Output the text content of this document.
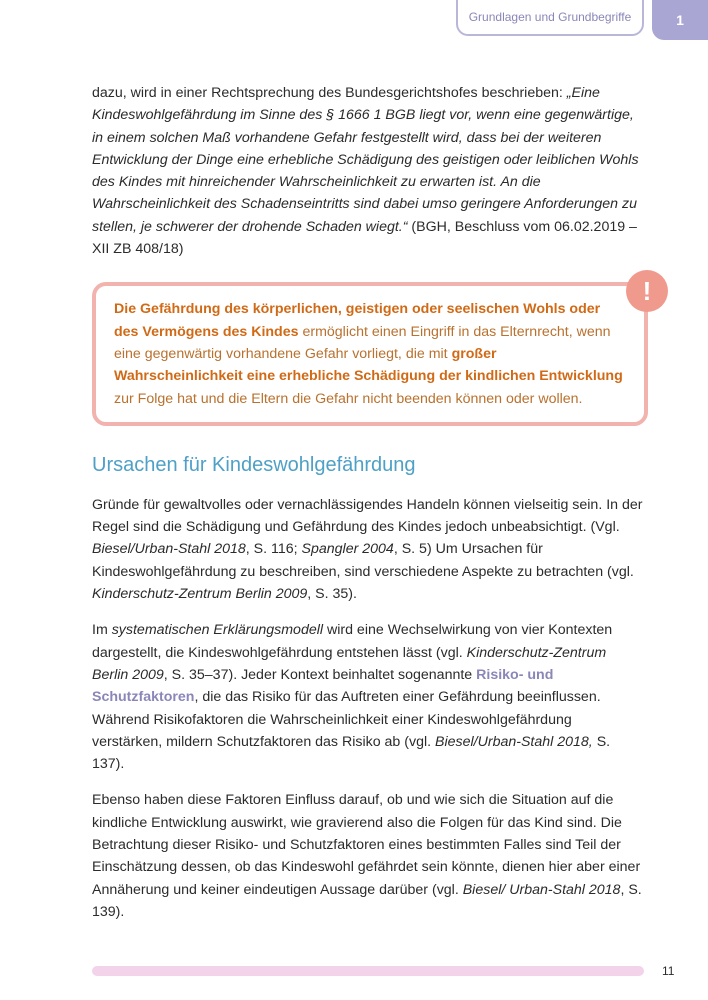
Grundlagen und Grundbegriffe	1

dazu, wird in einer Rechtsprechung des Bundesgerichtshofes beschrieben: „Eine Kindeswohlgefährdung im Sinne des § 1666 1 BGB liegt vor, wenn eine gegenwärtige, in einem solchen Maß vorhandene Gefahr festgestellt wird, dass bei der weiteren Entwicklung der Dinge eine erhebliche Schädigung des geistigen oder leiblichen Wohls des Kindes mit hinreichender Wahrscheinlichkeit zu erwarten ist. An die Wahrscheinlichkeit des Schadenseintritts sind dabei umso geringere Anforderungen zu stellen, je schwerer der drohende Schaden wiegt.“ (BGH, Beschluss vom 06.02.2019 – XII ZB 408/18)

!

Die Gefährdung des körperlichen, geistigen oder seelischen Wohls oder des Vermögens des Kindes ermöglicht einen Eingriff in das Elternrecht, wenn eine gegenwärtig vorhandene Gefahr vorliegt, die mit großer Wahrscheinlichkeit eine erhebliche Schädigung der kindlichen Entwicklung zur Folge hat und die Eltern die Gefahr nicht beenden können oder wollen.

Ursachen für Kindeswohlgefährdung

Gründe für gewaltvolles oder vernachlässigendes Handeln können vielseitig sein. In der Regel sind die Schädigung und Gefährdung des Kindes jedoch unbeabsichtigt. (Vgl. Biesel/Urban-Stahl 2018, S. 116; Spangler 2004, S. 5) Um Ursachen für Kindeswohlgefährdung zu beschreiben, sind verschiedene Aspekte zu betrachten (vgl. Kinderschutz-Zentrum Berlin 2009, S. 35).

Im systematischen Erklärungsmodell wird eine Wechselwirkung von vier Kontexten dargestellt, die Kindeswohlgefährdung entstehen lässt (vgl. Kinderschutz-Zentrum Berlin 2009, S. 35–37). Jeder Kontext beinhaltet sogenannte Risiko- und Schutzfaktoren, die das Risiko für das Auftreten einer Gefährdung beeinflussen. Während Risikofaktoren die Wahrscheinlichkeit einer Kindeswohlgefährdung verstärken, mildern Schutzfaktoren das Risiko ab (vgl. Biesel/Urban-Stahl 2018, S. 137).

Ebenso haben diese Faktoren Einfluss darauf, ob und wie sich die Situation auf die kindliche Entwicklung auswirkt, wie gravierend also die Folgen für das Kind sind. Die Betrachtung dieser Risiko- und Schutzfaktoren eines bestimmten Falles sind Teil der Einschätzung dessen, ob das Kindeswohl gefährdet sein könnte, dienen hier aber einer Annäherung und keiner eindeutigen Aussage darüber (vgl. Biesel/ Urban-Stahl 2018, S. 139).

11
